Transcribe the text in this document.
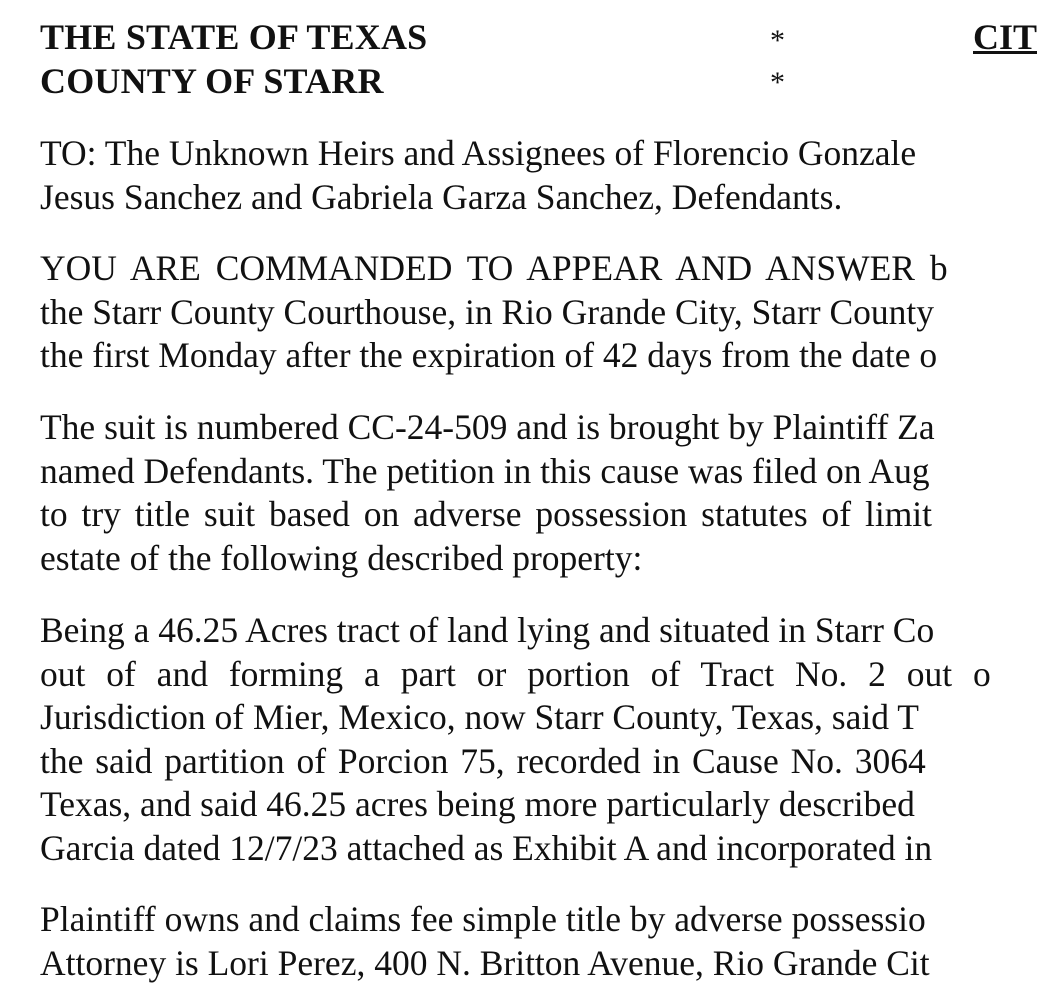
THE STATE OF TEXAS
COUNTY OF STARR
*
*
CIT
TO: The Unknown Heirs and Assignees of Florencio Gonzale
Jesus Sanchez and Gabriela Garza Sanchez, Defendants.
YOU ARE COMMANDED TO APPEAR AND ANSWER b
the Starr County Courthouse, in Rio Grande City, Starr County
the first Monday after the expiration of 42 days from the date o
The suit is numbered CC-24-509 and is brought by Plaintiff Za
named Defendants. The petition in this cause was filed on Aug
to try title suit based on adverse possession statutes of limit
estate of the following described property:
Being a 46.25 Acres tract of land lying and situated in Starr Co
out of and forming a part or portion of Tract No. 2 out o
Jurisdiction of Mier, Mexico, now Starr County, Texas, said T
the said partition of Porcion 75, recorded in Cause No. 3064
Texas, and said 46.25 acres being more particularly described
Garcia dated 12/7/23 attached as Exhibit A and incorporated in
Plaintiff owns and claims fee simple title by adverse possessio
Attorney is Lori Perez, 400 N. Britton Avenue, Rio Grande Cit
